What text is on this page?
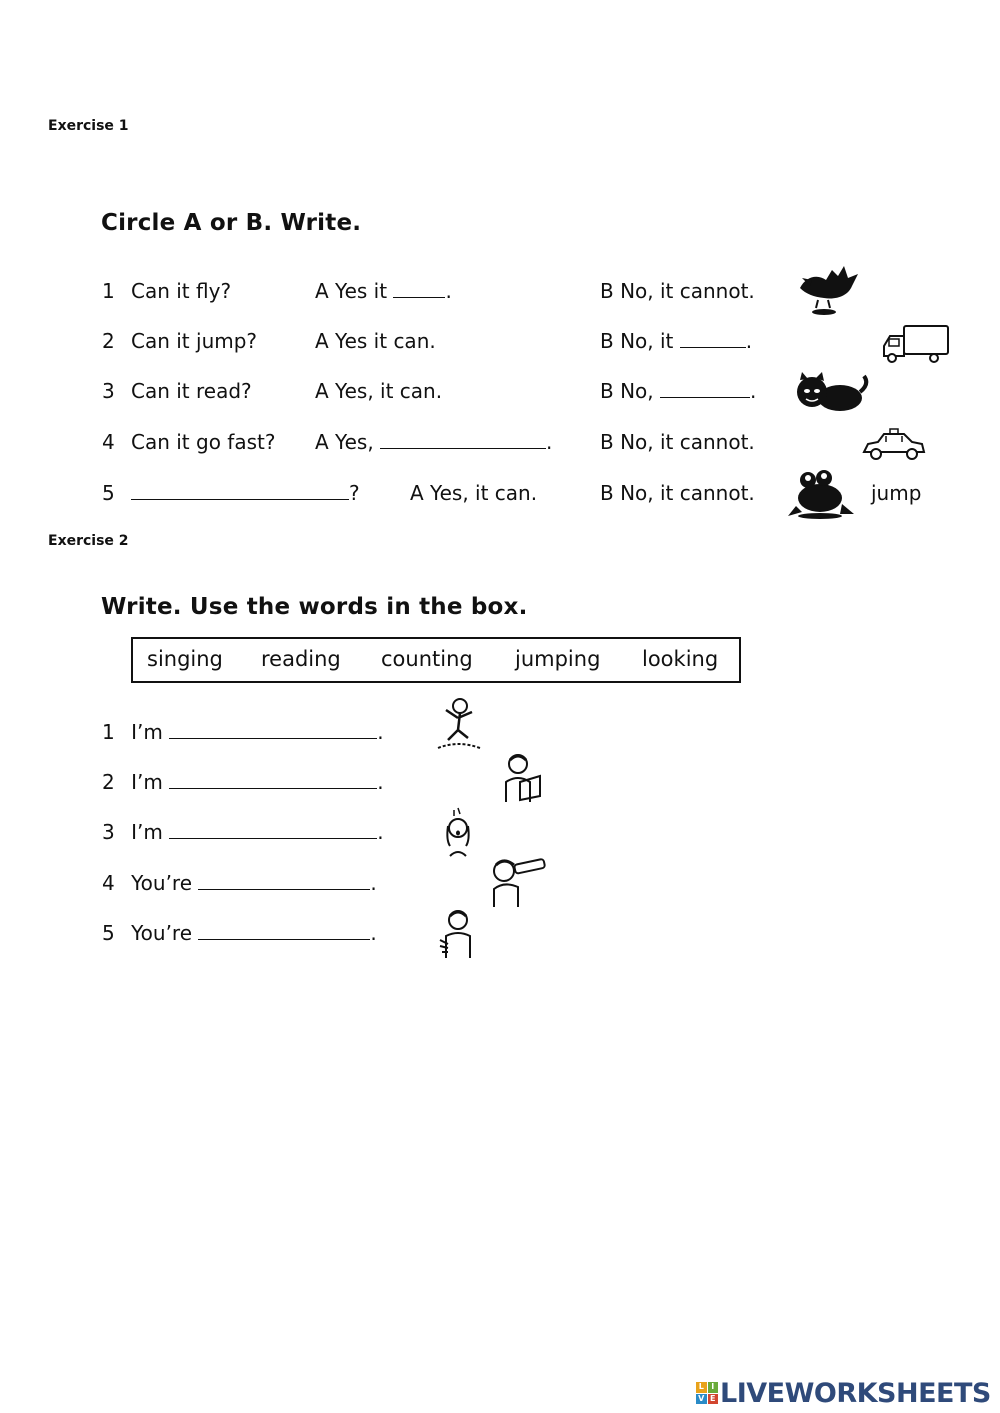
Exercise 1
Circle A or B. Write.
1 Can it fly?	A Yes it	.	B No, it cannot.
2 Can it jump?	A Yes it can.	B No, it	.
3 Can it read?	A Yes, it can.	B No,	.
4 Can it go fast? A Yes,	. B No, it cannot.
5	?	A Yes, it can.	B No, it cannot.	jump
Exercise 2
Write. Use the words in the box.
singing reading counting jumping looking
1 I’m	.
2 I’m	.
3 I’m	.
4 You’re	.
5 You’re	.
L I
V E LIVEWORKSHEETS
